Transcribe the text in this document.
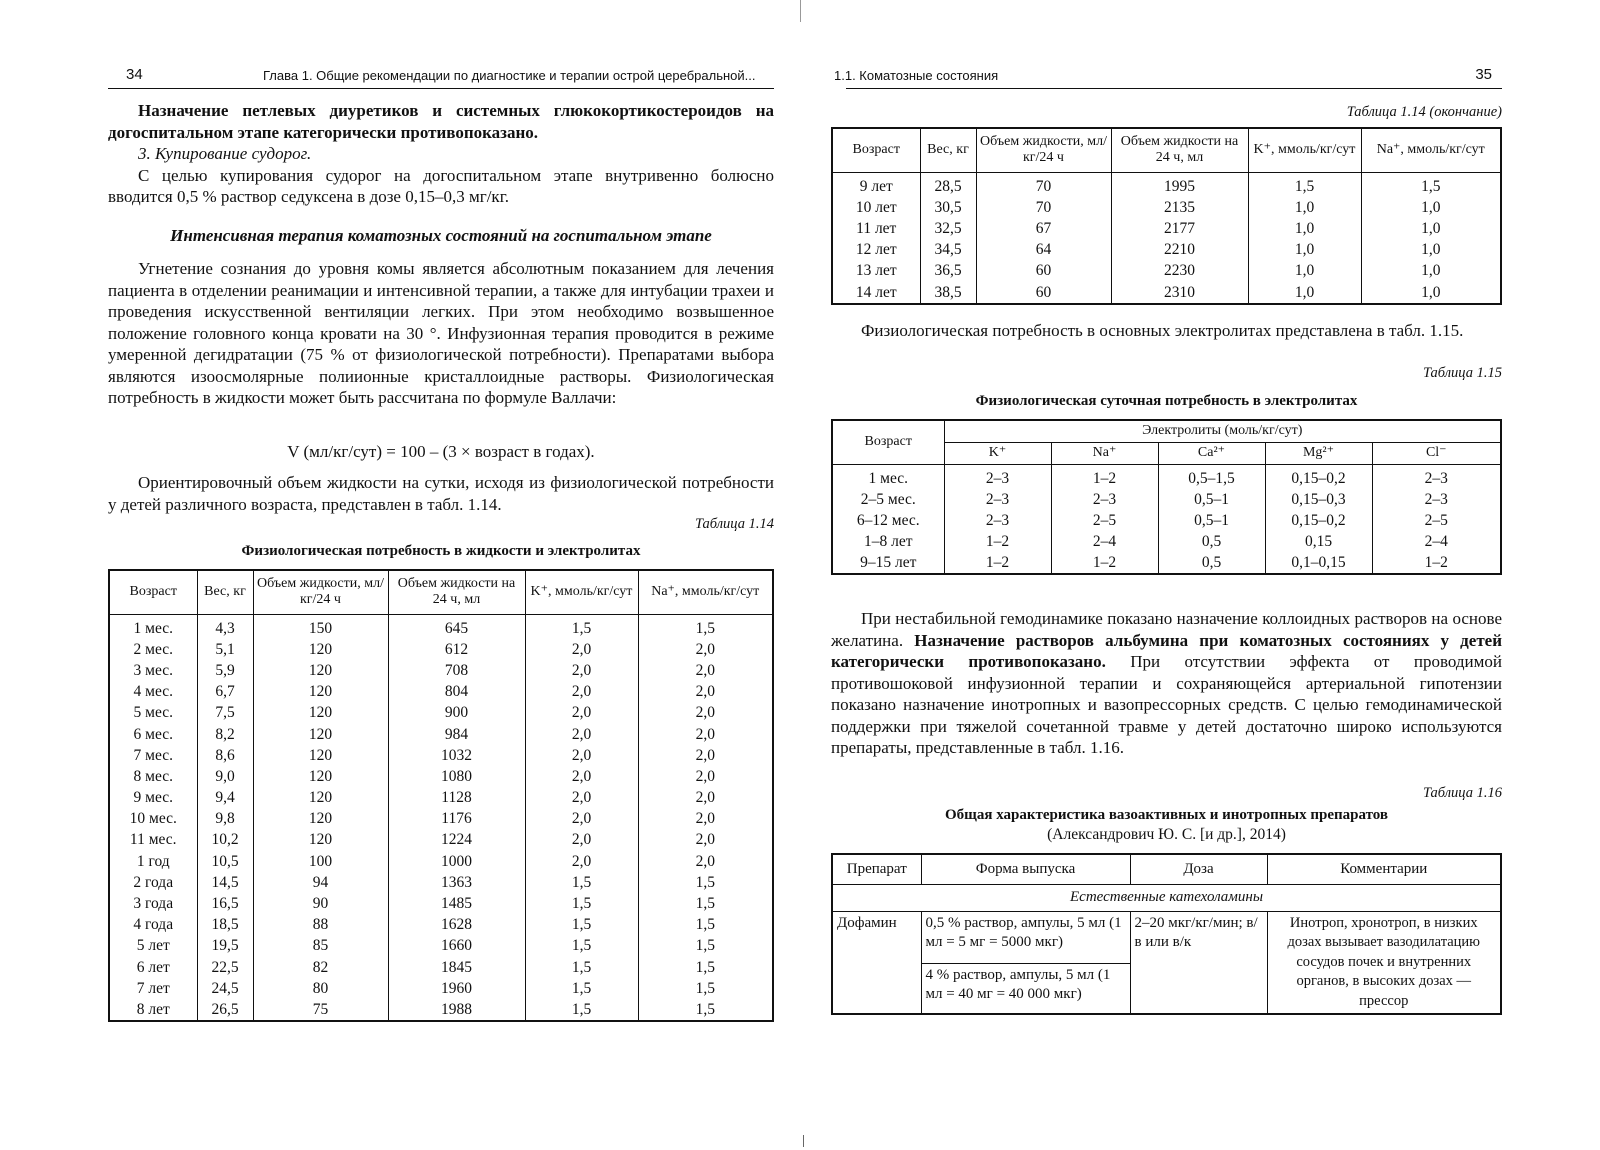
34	Глава 1. Общие рекомендации по диагностике и терапии острой церебральной...

Назначение петлевых диуретиков и системных глюкокортикостероидов на догоспитальном этапе категорически противопоказано.

3. Купирование судорог.

С целью купирования судорог на догоспитальном этапе внутривенно болюсно вводится 0,5 % раствор седуксена в дозе 0,15–0,3 мг/кг.

Интенсивная терапия коматозных состояний на госпитальном этапе

Угнетение сознания до уровня комы является абсолютным показанием для лечения пациента в отделении реанимации и интенсивной терапии, а также для интубации трахеи и проведения искусственной вентиляции легких. При этом необходимо возвышенное положение головного конца кровати на 30 °. Инфузионная терапия проводится в режиме умеренной дегидратации (75 % от физиологической потребности). Препаратами выбора являются изоосмолярные полиионные кристаллоидные растворы. Физиологическая потребность в жидкости может быть рассчитана по формуле Валлачи:

V (мл/кг/сут) = 100 – (3 × возраст в годах).

Ориентировочный объем жидкости на сутки, исходя из физиологической потребности у детей различного возраста, представлен в табл. 1.14.

Таблица 1.14

Физиологическая потребность в жидкости и электролитах

Возраст	Вес, кг	Объем жидкости, мл/кг/24 ч	Объем жидкости на 24 ч, мл	K⁺, ммоль/кг/сут	Na⁺, ммоль/кг/сут
1 мес.	4,3	150	645	1,5	1,5
2 мес.	5,1	120	612	2,0	2,0
3 мес.	5,9	120	708	2,0	2,0
4 мес.	6,7	120	804	2,0	2,0
5 мес.	7,5	120	900	2,0	2,0
6 мес.	8,2	120	984	2,0	2,0
7 мес.	8,6	120	1032	2,0	2,0
8 мес.	9,0	120	1080	2,0	2,0
9 мес.	9,4	120	1128	2,0	2,0
10 мес.	9,8	120	1176	2,0	2,0
11 мес.	10,2	120	1224	2,0	2,0
1 год	10,5	100	1000	2,0	2,0
2 года	14,5	94	1363	1,5	1,5
3 года	16,5	90	1485	1,5	1,5
4 года	18,5	88	1628	1,5	1,5
5 лет	19,5	85	1660	1,5	1,5
6 лет	22,5	82	1845	1,5	1,5
7 лет	24,5	80	1960	1,5	1,5
8 лет	26,5	75	1988	1,5	1,5
1.1. Коматозные состояния	35

Таблица 1.14 (окончание)

Возраст	Вес, кг	Объем жидкости, мл/кг/24 ч	Объем жидкости на 24 ч, мл	K⁺, ммоль/кг/сут	Na⁺, ммоль/кг/сут
9 лет	28,5	70	1995	1,5	1,5
10 лет	30,5	70	2135	1,0	1,0
11 лет	32,5	67	2177	1,0	1,0
12 лет	34,5	64	2210	1,0	1,0
13 лет	36,5	60	2230	1,0	1,0
14 лет	38,5	60	2310	1,0	1,0

Физиологическая потребность в основных электролитах представлена в табл. 1.15.

Таблица 1.15

Физиологическая суточная потребность в электролитах

Возраст	Электролиты (моль/кг/сут)				
	K⁺	Na⁺	Ca²⁺	Mg²⁺	Cl⁻
1 мес.	2–3	1–2	0,5–1,5	0,15–0,2	2–3
2–5 мес.	2–3	2–3	0,5–1	0,15–0,3	2–3
6–12 мес.	2–3	2–5	0,5–1	0,15–0,2	2–5
1–8 лет	1–2	2–4	0,5	0,15	2–4
9–15 лет	1–2	1–2	0,5	0,1–0,15	1–2

При нестабильной гемодинамике показано назначение коллоидных растворов на основе желатина. Назначение растворов альбумина при коматозных состояниях у детей категорически противопоказано. При отсутствии эффекта от проводимой противошоковой инфузионной терапии и сохраняющейся артериальной гипотензии показано назначение инотропных и вазопрессорных средств. С целью гемодинамической поддержки при тяжелой сочетанной травме у детей достаточно широко используются препараты, представленные в табл. 1.16.

Таблица 1.16

Общая характеристика вазоактивных и инотропных препаратов

(Александрович Ю. С. [и др.], 2014)

Препарат	Форма выпуска	Доза	Комментарии
Естественные катехоламины			
Дофамин	0,5 % раствор, ампулы, 5 мл (1 мл = 5 мг = 5000 мкг)	2–20 мкг/кг/мин; в/в или в/к	Инотроп, хронотроп, в низких дозах вызывает вазодилатацию сосудов почек и внутренних органов, в высоких дозах — прессор
	4 % раствор, ампулы, 5 мл (1 мл = 40 мг = 40 000 мкг)		
